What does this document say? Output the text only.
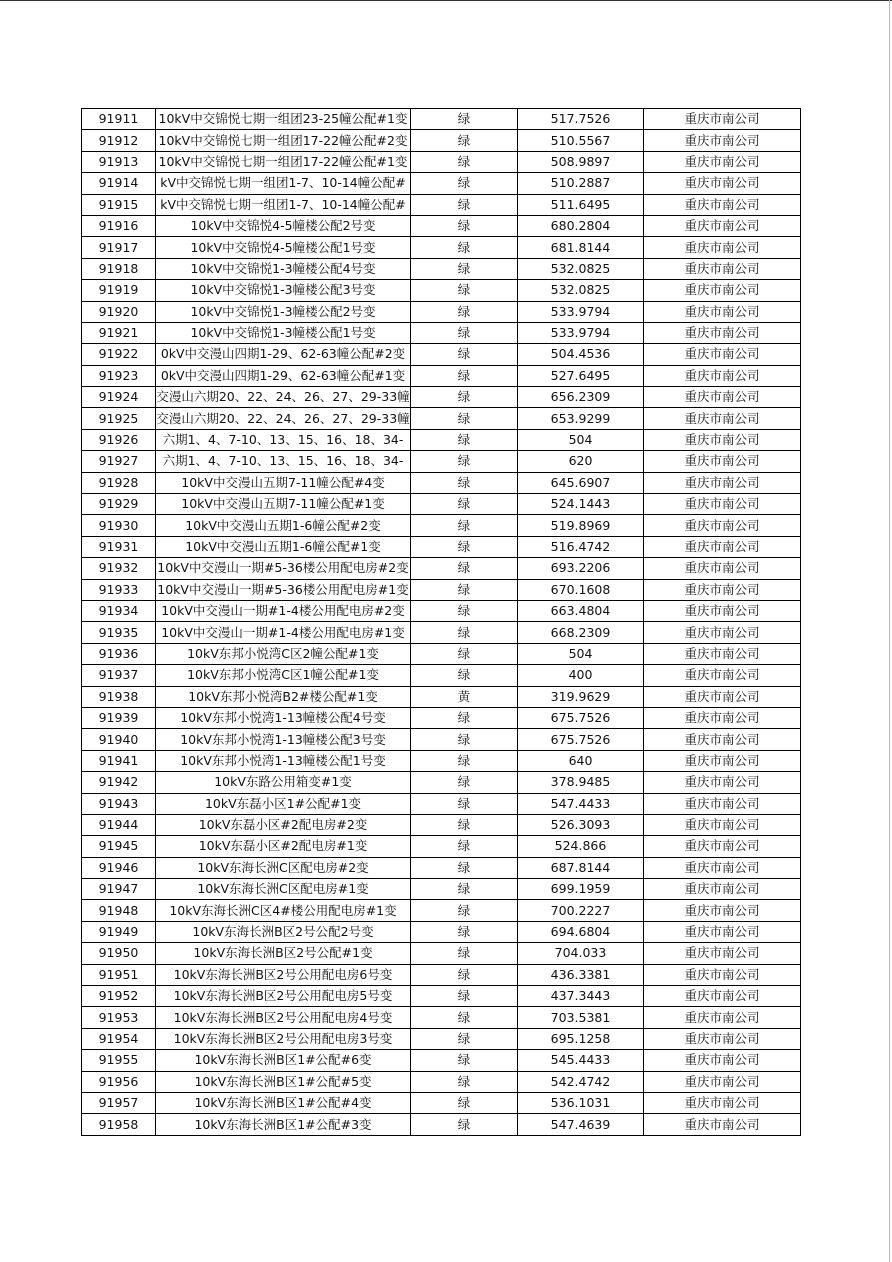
91911	10kV中交锦悦七期一组团23-25幢公配#1变	绿	517.7526	重庆市南公司
91912	10kV中交锦悦七期一组团17-22幢公配#2变	绿	510.5567	重庆市南公司
91913	10kV中交锦悦七期一组团17-22幢公配#1变	绿	508.9897	重庆市南公司
91914	kV中交锦悦七期一组团1-7、10-14幢公配#	绿	510.2887	重庆市南公司
91915	kV中交锦悦七期一组团1-7、10-14幢公配#	绿	511.6495	重庆市南公司
91916	10kV中交锦悦4-5幢楼公配2号变	绿	680.2804	重庆市南公司
91917	10kV中交锦悦4-5幢楼公配1号变	绿	681.8144	重庆市南公司
91918	10kV中交锦悦1-3幢楼公配4号变	绿	532.0825	重庆市南公司
91919	10kV中交锦悦1-3幢楼公配3号变	绿	532.0825	重庆市南公司
91920	10kV中交锦悦1-3幢楼公配2号变	绿	533.9794	重庆市南公司
91921	10kV中交锦悦1-3幢楼公配1号变	绿	533.9794	重庆市南公司
91922	0kV中交漫山四期1-29、62-63幢公配#2变	绿	504.4536	重庆市南公司
91923	0kV中交漫山四期1-29、62-63幢公配#1变	绿	527.6495	重庆市南公司
91924	交漫山六期20、22、24、26、27、29-33幢	绿	656.2309	重庆市南公司
91925	交漫山六期20、22、24、26、27、29-33幢	绿	653.9299	重庆市南公司
91926	六期1、4、7-10、13、15、16、18、34-	绿	504	重庆市南公司
91927	六期1、4、7-10、13、15、16、18、34-	绿	620	重庆市南公司
91928	10kV中交漫山五期7-11幢公配#4变	绿	645.6907	重庆市南公司
91929	10kV中交漫山五期7-11幢公配#1变	绿	524.1443	重庆市南公司
91930	10kV中交漫山五期1-6幢公配#2变	绿	519.8969	重庆市南公司
91931	10kV中交漫山五期1-6幢公配#1变	绿	516.4742	重庆市南公司
91932	10kV中交漫山一期#5-36楼公用配电房#2变	绿	693.2206	重庆市南公司
91933	10kV中交漫山一期#5-36楼公用配电房#1变	绿	670.1608	重庆市南公司
91934	10kV中交漫山一期#1-4楼公用配电房#2变	绿	663.4804	重庆市南公司
91935	10kV中交漫山一期#1-4楼公用配电房#1变	绿	668.2309	重庆市南公司
91936	10kV东邦小悦湾C区2幢公配#1变	绿	504	重庆市南公司
91937	10kV东邦小悦湾C区1幢公配#1变	绿	400	重庆市南公司
91938	10kV东邦小悦湾B2#楼公配#1变	黄	319.9629	重庆市南公司
91939	10kV东邦小悦湾1-13幢楼公配4号变	绿	675.7526	重庆市南公司
91940	10kV东邦小悦湾1-13幢楼公配3号变	绿	675.7526	重庆市南公司
91941	10kV东邦小悦湾1-13幢楼公配1号变	绿	640	重庆市南公司
91942	10kV东路公用箱变#1变	绿	378.9485	重庆市南公司
91943	10kV东磊小区1#公配#1变	绿	547.4433	重庆市南公司
91944	10kV东磊小区#2配电房#2变	绿	526.3093	重庆市南公司
91945	10kV东磊小区#2配电房#1变	绿	524.866	重庆市南公司
91946	10kV东海长洲C区配电房#2变	绿	687.8144	重庆市南公司
91947	10kV东海长洲C区配电房#1变	绿	699.1959	重庆市南公司
91948	10kV东海长洲C区4#楼公用配电房#1变	绿	700.2227	重庆市南公司
91949	10kV东海长洲B区2号公配2号变	绿	694.6804	重庆市南公司
91950	10kV东海长洲B区2号公配#1变	绿	704.033	重庆市南公司
91951	10kV东海长洲B区2号公用配电房6号变	绿	436.3381	重庆市南公司
91952	10kV东海长洲B区2号公用配电房5号变	绿	437.3443	重庆市南公司
91953	10kV东海长洲B区2号公用配电房4号变	绿	703.5381	重庆市南公司
91954	10kV东海长洲B区2号公用配电房3号变	绿	695.1258	重庆市南公司
91955	10kV东海长洲B区1#公配#6变	绿	545.4433	重庆市南公司
91956	10kV东海长洲B区1#公配#5变	绿	542.4742	重庆市南公司
91957	10kV东海长洲B区1#公配#4变	绿	536.1031	重庆市南公司
91958	10kV东海长洲B区1#公配#3变	绿	547.4639	重庆市南公司
